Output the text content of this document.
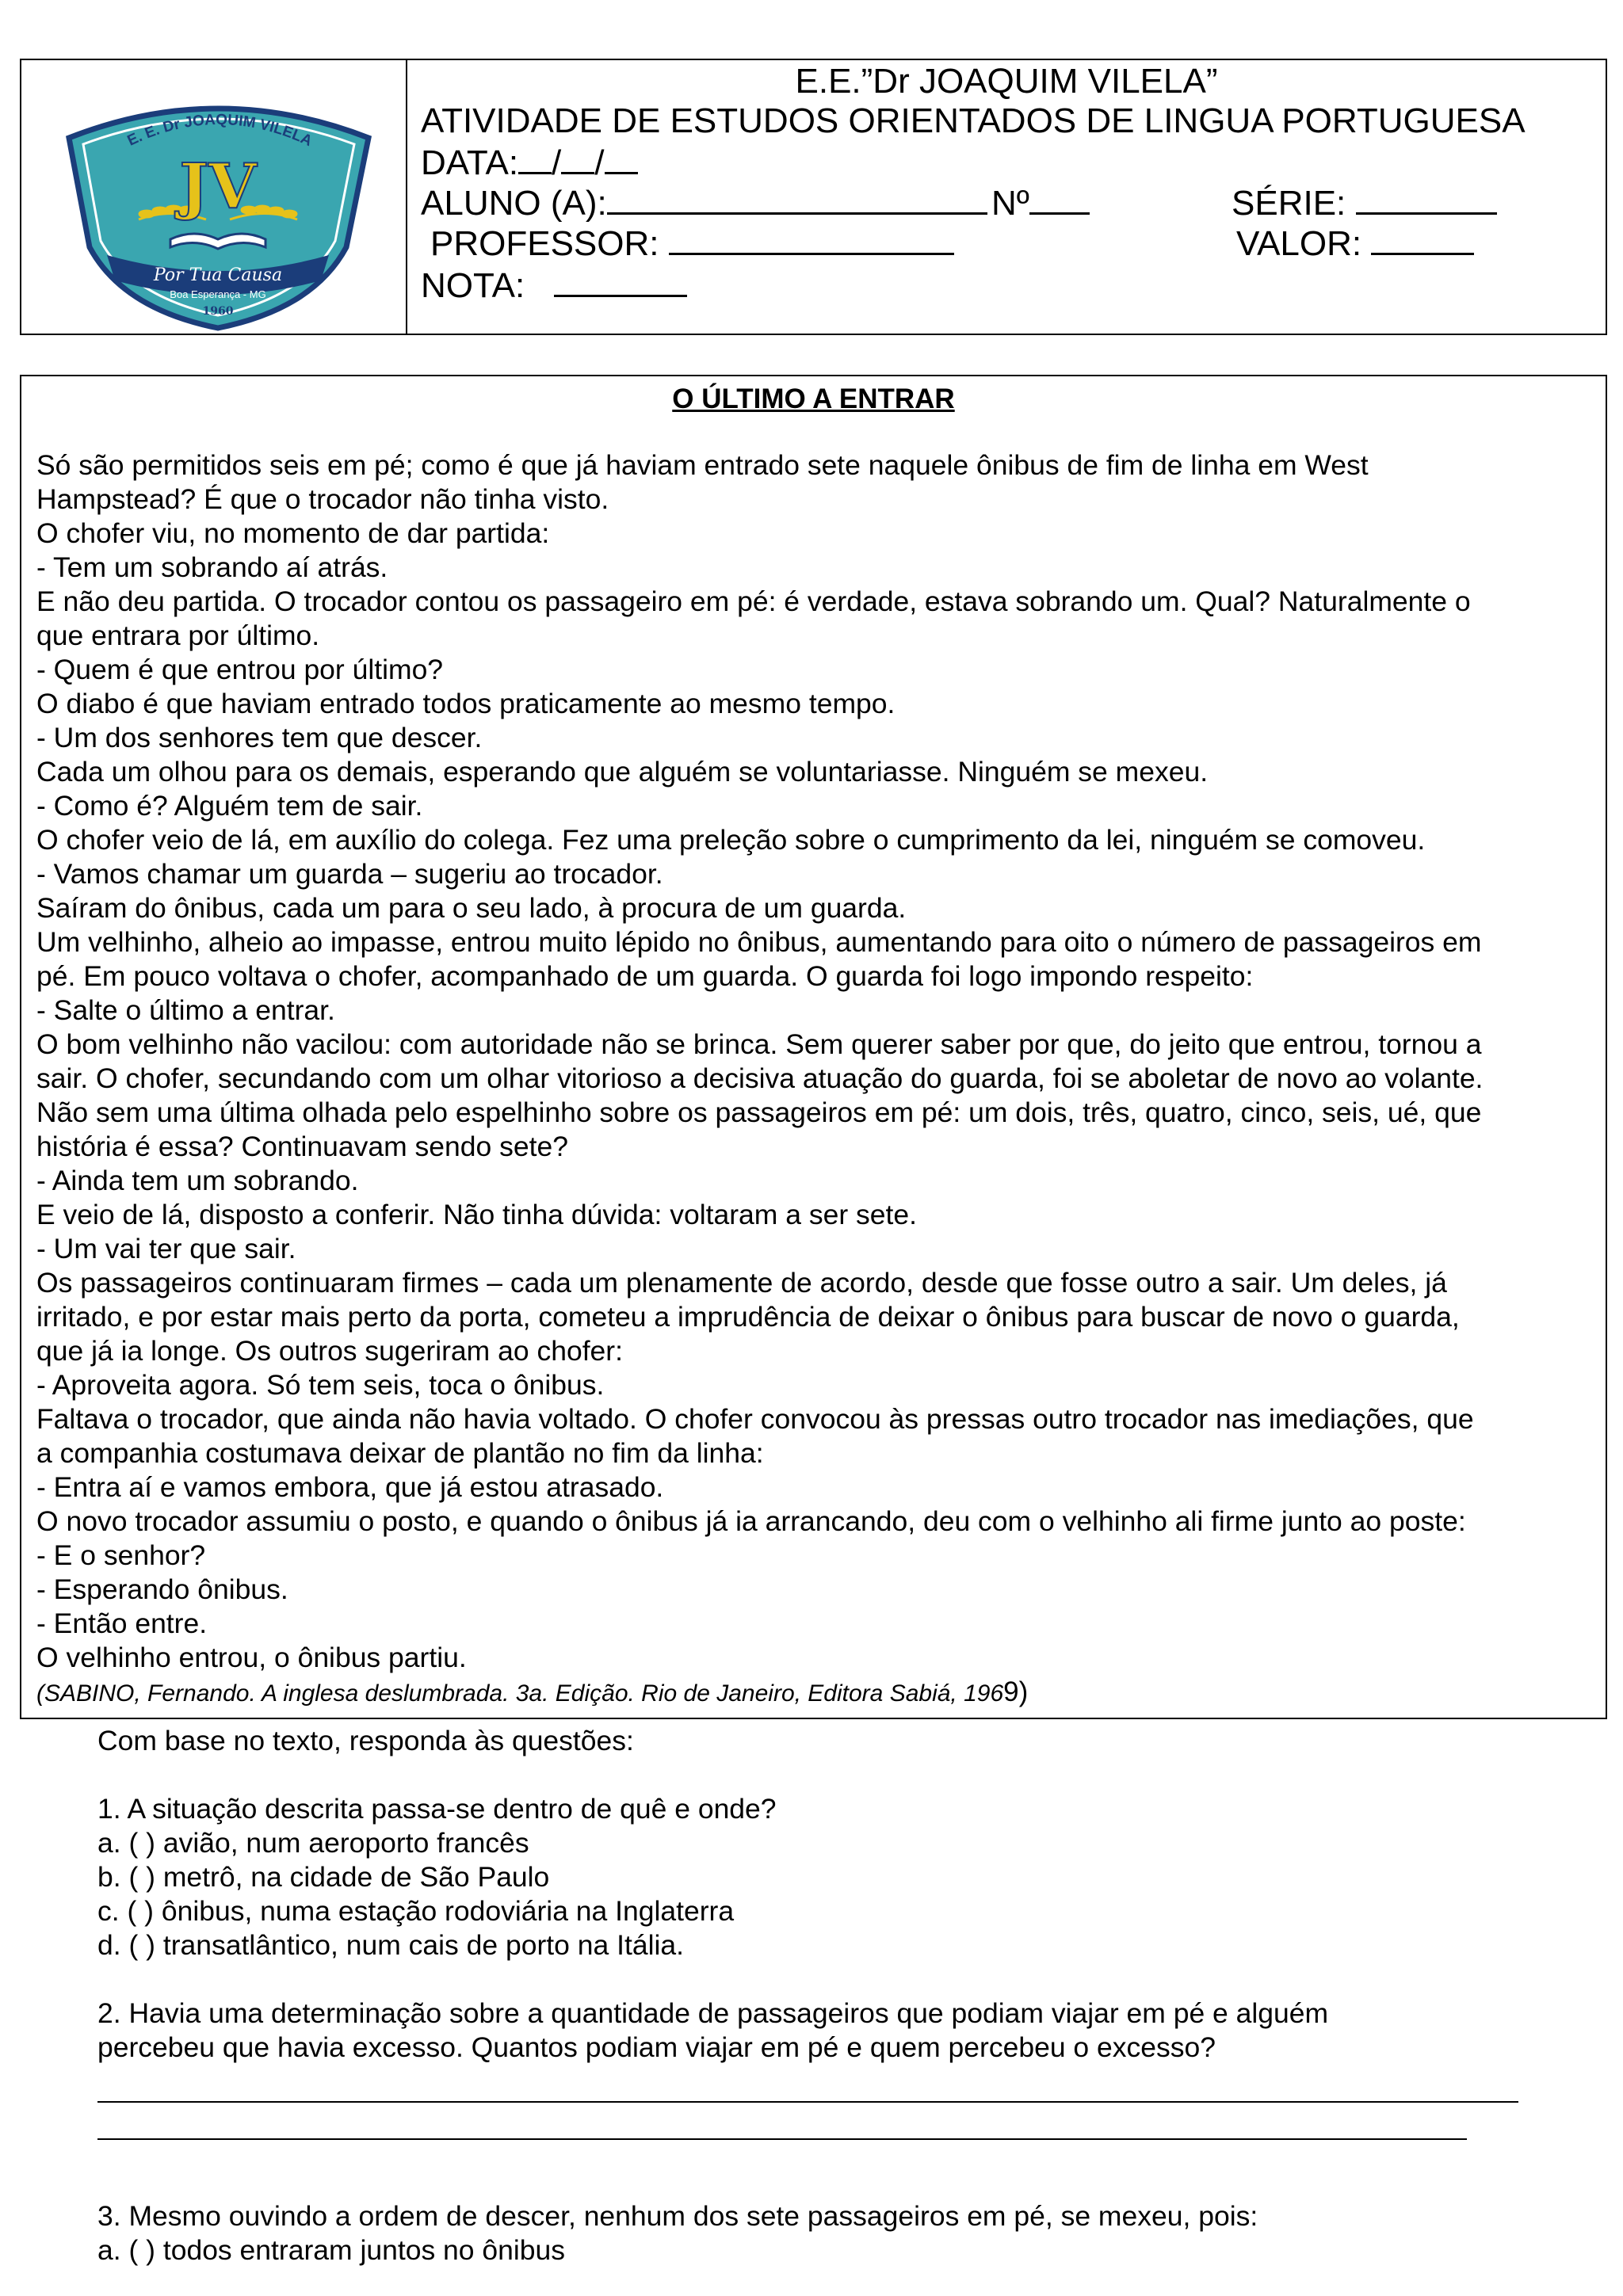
E. E. Dr JOAQUIM VILELA
JV
Por Tua Causa
Boa Esperança - MG
1960
E.E.”Dr JOAQUIM VILELA”
ATIVIDADE DE ESTUDOS ORIENTADOS DE LINGUA PORTUGUESA
DATA: / /
ALUNO (A):	Nº	SÉRIE:
PROFESSOR:	VALOR:
NOTA:
O ÚLTIMO A ENTRAR

Só são permitidos seis em pé; como é que já haviam entrado sete naquele ônibus de fim de linha em West

Hampstead? É que o trocador não tinha visto.

O chofer viu, no momento de dar partida:

- Tem um sobrando aí atrás.

E não deu partida. O trocador contou os passageiro em pé: é verdade, estava sobrando um. Qual? Naturalmente o

que entrara por último.

- Quem é que entrou por último?

O diabo é que haviam entrado todos praticamente ao mesmo tempo.

- Um dos senhores tem que descer.

Cada um olhou para os demais, esperando que alguém se voluntariasse. Ninguém se mexeu.

- Como é? Alguém tem de sair.

O chofer veio de lá, em auxílio do colega. Fez uma preleção sobre o cumprimento da lei, ninguém se comoveu.

- Vamos chamar um guarda – sugeriu ao trocador.

Saíram do ônibus, cada um para o seu lado, à procura de um guarda.

Um velhinho, alheio ao impasse, entrou muito lépido no ônibus, aumentando para oito o número de passageiros em

pé. Em pouco voltava o chofer, acompanhado de um guarda. O guarda foi logo impondo respeito:

- Salte o último a entrar.

O bom velhinho não vacilou: com autoridade não se brinca. Sem querer saber por que, do jeito que entrou, tornou a

sair. O chofer, secundando com um olhar vitorioso a decisiva atuação do guarda, foi se aboletar de novo ao volante.

Não sem uma última olhada pelo espelhinho sobre os passageiros em pé: um dois, três, quatro, cinco, seis, ué, que

história é essa? Continuavam sendo sete?

- Ainda tem um sobrando.

E veio de lá, disposto a conferir. Não tinha dúvida: voltaram a ser sete.

- Um vai ter que sair.

Os passageiros continuaram firmes – cada um plenamente de acordo, desde que fosse outro a sair. Um deles, já

irritado, e por estar mais perto da porta, cometeu a imprudência de deixar o ônibus para buscar de novo o guarda,

que já ia longe. Os outros sugeriram ao chofer:

- Aproveita agora. Só tem seis, toca o ônibus.

Faltava o trocador, que ainda não havia voltado. O chofer convocou às pressas outro trocador nas imediações, que

a companhia costumava deixar de plantão no fim da linha:

- Entra aí e vamos embora, que já estou atrasado.

O novo trocador assumiu o posto, e quando o ônibus já ia arrancando, deu com o velhinho ali firme junto ao poste:

- E o senhor?

- Esperando ônibus.

- Então entre.

O velhinho entrou, o ônibus partiu.

(SABINO, Fernando. A inglesa deslumbrada. 3a. Edição. Rio de Janeiro, Editora Sabiá, 1969)

Com base no texto, responda às questões:

1. A situação descrita passa-se dentro de quê e onde?

a. ( ) avião, num aeroporto francês

b. ( ) metrô, na cidade de São Paulo

c. ( ) ônibus, numa estação rodoviária na Inglaterra

d. ( ) transatlântico, num cais de porto na Itália.

2. Havia uma determinação sobre a quantidade de passageiros que podiam viajar em pé e alguém

percebeu que havia excesso. Quantos podiam viajar em pé e quem percebeu o excesso?

3. Mesmo ouvindo a ordem de descer, nenhum dos sete passageiros em pé, se mexeu, pois:

a. ( ) todos entraram juntos no ônibus
